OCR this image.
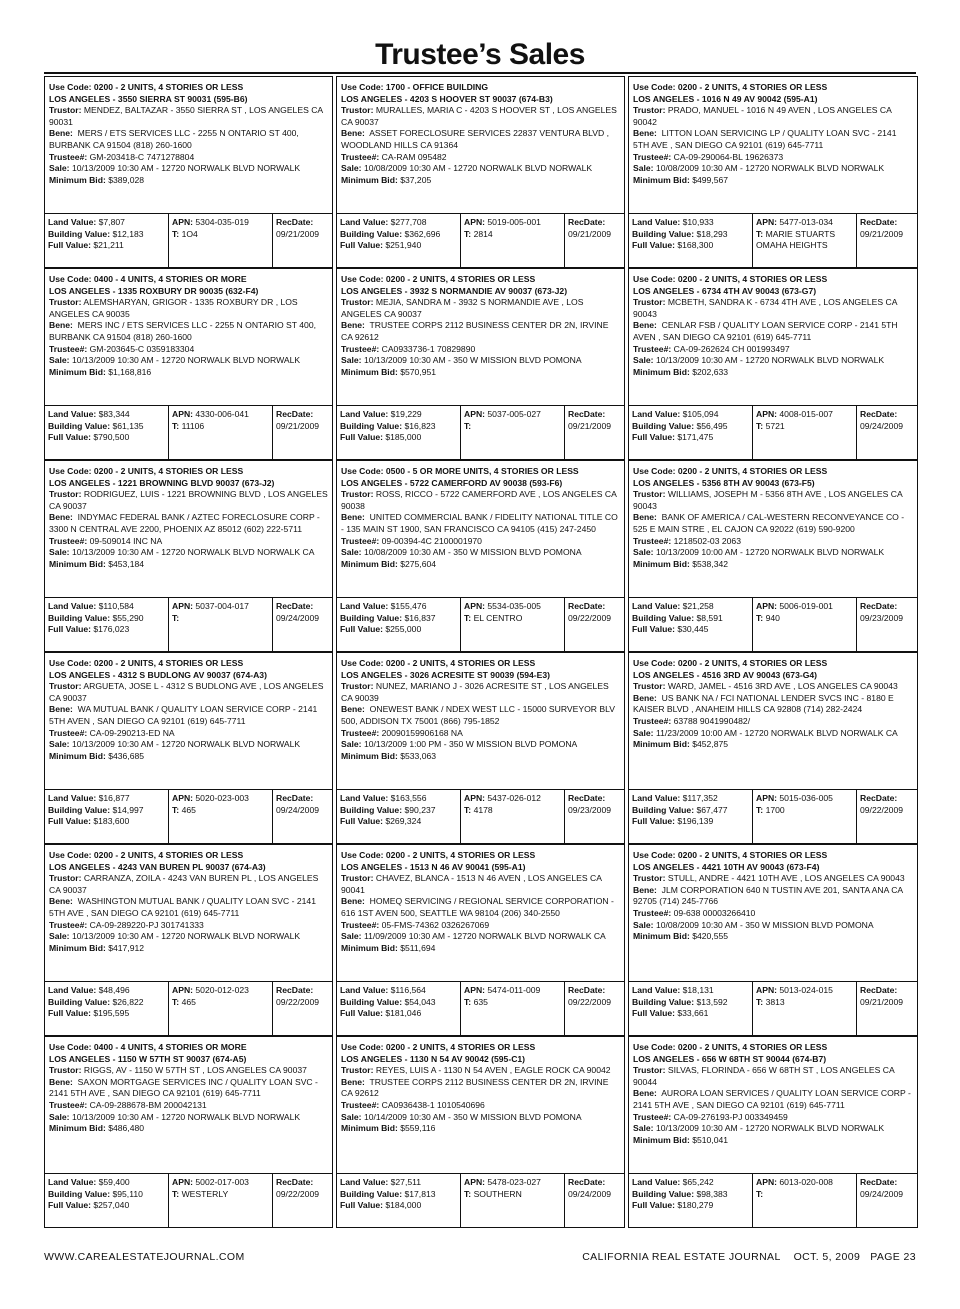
Trustee’s Sales
Use Code: 0200 - 2 UNITS, 4 STORIES OR LESS
LOS ANGELES - 3550 SIERRA ST 90031 (595-B6)
Trustor: MENDEZ, BALTAZAR - 3550 SIERRA ST , LOS ANGELES CA 90031
Bene: MERS / ETS SERVICES LLC - 2255 N ONTARIO ST 400, BURBANK CA 91504 (818) 260-1600
Trustee#: GM-203418-C 7471278804
Sale: 10/13/2009 10:30 AM - 12720 NORWALK BLVD NORWALK
Minimum Bid: $389,028
Land Value: $7,807
Building Value: $12,183
Full Value: $21,211
APN: 5304-035-019
T: 1O4
RecDate:
09/21/2009
Use Code: 1700 - OFFICE BUILDING
LOS ANGELES - 4203 S HOOVER ST 90037 (674-B3)
Trustor: MURALLES, MARIA C - 4203 S HOOVER ST , LOS ANGELES CA 90037
Bene: ASSET FORECLOSURE SERVICES 22837 VENTURA BLVD , WOODLAND HILLS CA 91364
Trustee#: CA-RAM 095482
Sale: 10/08/2009 10:30 AM - 12720 NORWALK BLVD NORWALK
Minimum Bid: $37,205
Land Value: $277,708
Building Value: $362,696
Full Value: $251,940
APN: 5019-005-001
T: 2814
RecDate:
09/21/2009
Use Code: 0200 - 2 UNITS, 4 STORIES OR LESS
LOS ANGELES - 1016 N 49 AV 90042 (595-A1)
Trustor: PRADO, MANUEL - 1016 N 49 AVEN , LOS ANGELES CA 90042
Bene: LITTON LOAN SERVICING LP / QUALITY LOAN SVC - 2141 5TH AVE , SAN DIEGO CA 92101 (619) 645-7711
Trustee#: CA-09-290064-BL 19626373
Sale: 10/08/2009 10:30 AM - 12720 NORWALK BLVD NORWALK
Minimum Bid: $499,567
Land Value: $10,933
Building Value: $18,293
Full Value: $168,300
APN: 5477-013-034
T: MARIE STUARTS OMAHA HEIGHTS
RecDate:
09/21/2009
Use Code: 0400 - 4 UNITS, 4 STORIES OR MORE
LOS ANGELES - 1335 ROXBURY DR 90035 (632-F4)
Trustor: ALEMSHARYAN, GRIGOR - 1335 ROXBURY DR , LOS ANGELES CA 90035
Bene: MERS INC / ETS SERVICES LLC - 2255 N ONTARIO ST 400, BURBANK CA 91504 (818) 260-1600
Trustee#: GM-203645-C 0359183304
Sale: 10/13/2009 10:30 AM - 12720 NORWALK BLVD NORWALK
Minimum Bid: $1,168,816
Land Value: $83,344
Building Value: $61,135
Full Value: $790,500
APN: 4330-006-041
T: 11106
RecDate:
09/21/2009
Use Code: 0200 - 2 UNITS, 4 STORIES OR LESS
LOS ANGELES - 3932 S NORMANDIE AV 90037 (673-J2)
Trustor: MEJIA, SANDRA M - 3932 S NORMANDIE AVE , LOS ANGELES CA 90037
Bene: TRUSTEE CORPS 2112 BUSINESS CENTER DR 2N, IRVINE CA 92612
Trustee#: CA0933736-1 70829890
Sale: 10/13/2009 10:30 AM - 350 W MISSION BLVD POMONA
Minimum Bid: $570,951
Land Value: $19,229
Building Value: $16,823
Full Value: $185,000
APN: 5037-005-027
T:
RecDate:
09/21/2009
Use Code: 0200 - 2 UNITS, 4 STORIES OR LESS
LOS ANGELES - 6734 4TH AV 90043 (673-G7)
Trustor: MCBETH, SANDRA K - 6734 4TH AVE , LOS ANGELES CA 90043
Bene: CENLAR FSB / QUALITY LOAN SERVICE CORP - 2141 5TH AVEN , SAN DIEGO CA 92101 (619) 645-7711
Trustee#: CA-09-262624 CH 001993497
Sale: 10/13/2009 10:30 AM - 12720 NORWALK BLVD NORWALK
Minimum Bid: $202,633
Land Value: $105,094
Building Value: $56,495
Full Value: $171,475
APN: 4008-015-007
T: 5721
RecDate:
09/24/2009
Use Code: 0200 - 2 UNITS, 4 STORIES OR LESS
LOS ANGELES - 1221 BROWNING BLVD 90037 (673-J2)
Trustor: RODRIGUEZ, LUIS - 1221 BROWNING BLVD , LOS ANGELES CA 90037
Bene: INDYMAC FEDERAL BANK / AZTEC FORECLOSURE CORP - 3300 N CENTRAL AVE 2200, PHOENIX AZ 85012 (602) 222-5711
Trustee#: 09-509014 INC NA
Sale: 10/13/2009 10:30 AM - 12720 NORWALK BLVD NORWALK CA
Minimum Bid: $453,184
Land Value: $110,584
Building Value: $55,290
Full Value: $176,023
APN: 5037-004-017
T:
RecDate:
09/24/2009
Use Code: 0500 - 5 OR MORE UNITS, 4 STORIES OR LESS
LOS ANGELES - 5722 CAMERFORD AV 90038 (593-F6)
Trustor: ROSS, RICCO - 5722 CAMERFORD AVE , LOS ANGELES CA 90038
Bene: UNITED COMMERCIAL BANK / FIDELITY NATIONAL TITLE CO - 135 MAIN ST 1900, SAN FRANCISCO CA 94105 (415) 247-2450
Trustee#: 09-00394-4C 2100001970
Sale: 10/08/2009 10:30 AM - 350 W MISSION BLVD POMONA
Minimum Bid: $275,604
Land Value: $155,476
Building Value: $16,837
Full Value: $255,000
APN: 5534-035-005
T: EL CENTRO
RecDate:
09/22/2009
Use Code: 0200 - 2 UNITS, 4 STORIES OR LESS
LOS ANGELES - 5356 8TH AV 90043 (673-F5)
Trustor: WILLIAMS, JOSEPH M - 5356 8TH AVE , LOS ANGELES CA 90043
Bene: BANK OF AMERICA / CAL-WESTERN RECONVEYANCE CO - 525 E MAIN STRE , EL CAJON CA 92022 (619) 590-9200
Trustee#: 1218502-03 2063
Sale: 10/13/2009 10:00 AM - 12720 NORWALK BLVD NORWALK
Minimum Bid: $538,342
Land Value: $21,258
Building Value: $8,591
Full Value: $30,445
APN: 5006-019-001
T: 940
RecDate:
09/23/2009
Use Code: 0200 - 2 UNITS, 4 STORIES OR LESS
LOS ANGELES - 4312 S BUDLONG AV 90037 (674-A3)
Trustor: ARGUETA, JOSE L - 4312 S BUDLONG AVE , LOS ANGELES CA 90037
Bene: WA MUTUAL BANK / QUALITY LOAN SERVICE CORP - 2141 5TH AVEN , SAN DIEGO CA 92101 (619) 645-7711
Trustee#: CA-09-290213-ED NA
Sale: 10/13/2009 10:30 AM - 12720 NORWALK BLVD NORWALK
Minimum Bid: $436,685
Land Value: $16,877
Building Value: $14,997
Full Value: $183,600
APN: 5020-023-003
T: 465
RecDate:
09/24/2009
Use Code: 0200 - 2 UNITS, 4 STORIES OR LESS
LOS ANGELES - 3026 ACRESITE ST 90039 (594-E3)
Trustor: NUNEZ, MARIANO J - 3026 ACRESITE ST , LOS ANGELES CA 90039
Bene: ONEWEST BANK / NDEX WEST LLC - 15000 SURVEYOR BLV 500, ADDISON TX 75001 (866) 795-1852
Trustee#: 20090159906168 NA
Sale: 10/13/2009 1:00 PM - 350 W MISSION BLVD POMONA
Minimum Bid: $533,063
Land Value: $163,556
Building Value: $90,237
Full Value: $269,324
APN: 5437-026-012
T: 4178
RecDate:
09/23/2009
Use Code: 0200 - 2 UNITS, 4 STORIES OR LESS
LOS ANGELES - 4516 3RD AV 90043 (673-G4)
Trustor: WARD, JAMEL - 4516 3RD AVE , LOS ANGELES CA 90043
Bene: US BANK NA / FCI NATIONAL LENDER SVCS INC - 8180 E KAISER BLVD , ANAHEIM HILLS CA 92808 (714) 282-2424
Trustee#: 63788 9041990482/
Sale: 11/23/2009 10:00 AM - 12720 NORWALK BLVD NORWALK CA
Minimum Bid: $452,875
Land Value: $117,352
Building Value: $67,477
Full Value: $196,139
APN: 5015-036-005
T: 1700
RecDate:
09/22/2009
Use Code: 0200 - 2 UNITS, 4 STORIES OR LESS
LOS ANGELES - 4243 VAN BUREN PL 90037 (674-A3)
Trustor: CARRANZA, ZOILA - 4243 VAN BUREN PL , LOS ANGELES CA 90037
Bene: WASHINGTON MUTUAL BANK / QUALITY LOAN SVC - 2141 5TH AVE , SAN DIEGO CA 92101 (619) 645-7711
Trustee#: CA-09-289220-PJ 301741333
Sale: 10/13/2009 10:30 AM - 12720 NORWALK BLVD NORWALK
Minimum Bid: $417,912
Land Value: $48,496
Building Value: $26,822
Full Value: $195,595
APN: 5020-012-023
T: 465
RecDate:
09/22/2009
Use Code: 0200 - 2 UNITS, 4 STORIES OR LESS
LOS ANGELES - 1513 N 46 AV 90041 (595-A1)
Trustor: CHAVEZ, BLANCA - 1513 N 46 AVEN , LOS ANGELES CA 90041
Bene: HOMEQ SERVICING / REGIONAL SERVICE CORPORATION - 616 1ST AVEN 500, SEATTLE WA 98104 (206) 340-2550
Trustee#: 05-FMS-74362 0326267069
Sale: 11/09/2009 10:30 AM - 12720 NORWALK BLVD NORWALK CA
Minimum Bid: $511,694
Land Value: $116,564
Building Value: $54,043
Full Value: $181,046
APN: 5474-011-009
T: 635
RecDate:
09/22/2009
Use Code: 0200 - 2 UNITS, 4 STORIES OR LESS
LOS ANGELES - 4421 10TH AV 90043 (673-F4)
Trustor: STULL, ANDRE - 4421 10TH AVE , LOS ANGELES CA 90043
Bene: JLM CORPORATION 640 N TUSTIN AVE 201, SANTA ANA CA 92705 (714) 245-7766
Trustee#: 09-638 00003266410
Sale: 10/08/2009 10:30 AM - 350 W MISSION BLVD POMONA
Minimum Bid: $420,555
Land Value: $18,131
Building Value: $13,592
Full Value: $33,661
APN: 5013-024-015
T: 3813
RecDate:
09/21/2009
Use Code: 0400 - 4 UNITS, 4 STORIES OR MORE
LOS ANGELES - 1150 W 57TH ST 90037 (674-A5)
Trustor: RIGGS, AV - 1150 W 57TH ST , LOS ANGELES CA 90037
Bene: SAXON MORTGAGE SERVICES INC / QUALITY LOAN SVC - 2141 5TH AVE , SAN DIEGO CA 92101 (619) 645-7711
Trustee#: CA-09-288678-BM 200042131
Sale: 10/13/2009 10:30 AM - 12720 NORWALK BLVD NORWALK
Minimum Bid: $486,480
Land Value: $59,400
Building Value: $95,110
Full Value: $257,040
APN: 5002-017-003
T: WESTERLY
RecDate:
09/22/2009
Use Code: 0200 - 2 UNITS, 4 STORIES OR LESS
LOS ANGELES - 1130 N 54 AV 90042 (595-C1)
Trustor: REYES, LUIS A - 1130 N 54 AVEN , EAGLE ROCK CA 90042
Bene: TRUSTEE CORPS 2112 BUSINESS CENTER DR 2N, IRVINE CA 92612
Trustee#: CA0936438-1 1010540696
Sale: 10/14/2009 10:30 AM - 350 W MISSION BLVD POMONA
Minimum Bid: $559,116
Land Value: $27,511
Building Value: $17,813
Full Value: $184,000
APN: 5478-023-027
T: SOUTHERN
RecDate:
09/24/2009
Use Code: 0200 - 2 UNITS, 4 STORIES OR LESS
LOS ANGELES - 656 W 68TH ST 90044 (674-B7)
Trustor: SILVAS, FLORINDA - 656 W 68TH ST , LOS ANGELES CA 90044
Bene: AURORA LOAN SERVICES / QUALITY LOAN SERVICE CORP - 2141 5TH AVE , SAN DIEGO CA 92101 (619) 645-7711
Trustee#: CA-09-276193-PJ 003349459
Sale: 10/13/2009 10:30 AM - 12720 NORWALK BLVD NORWALK
Minimum Bid: $510,041
Land Value: $65,242
Building Value: $98,383
Full Value: $180,279
APN: 6013-020-008
T:
RecDate:
09/24/2009
WWW.CAREALESTATEJOURNAL.COM	CALIFORNIA REAL ESTATE JOURNAL    OCT. 5, 2009   PAGE 23
